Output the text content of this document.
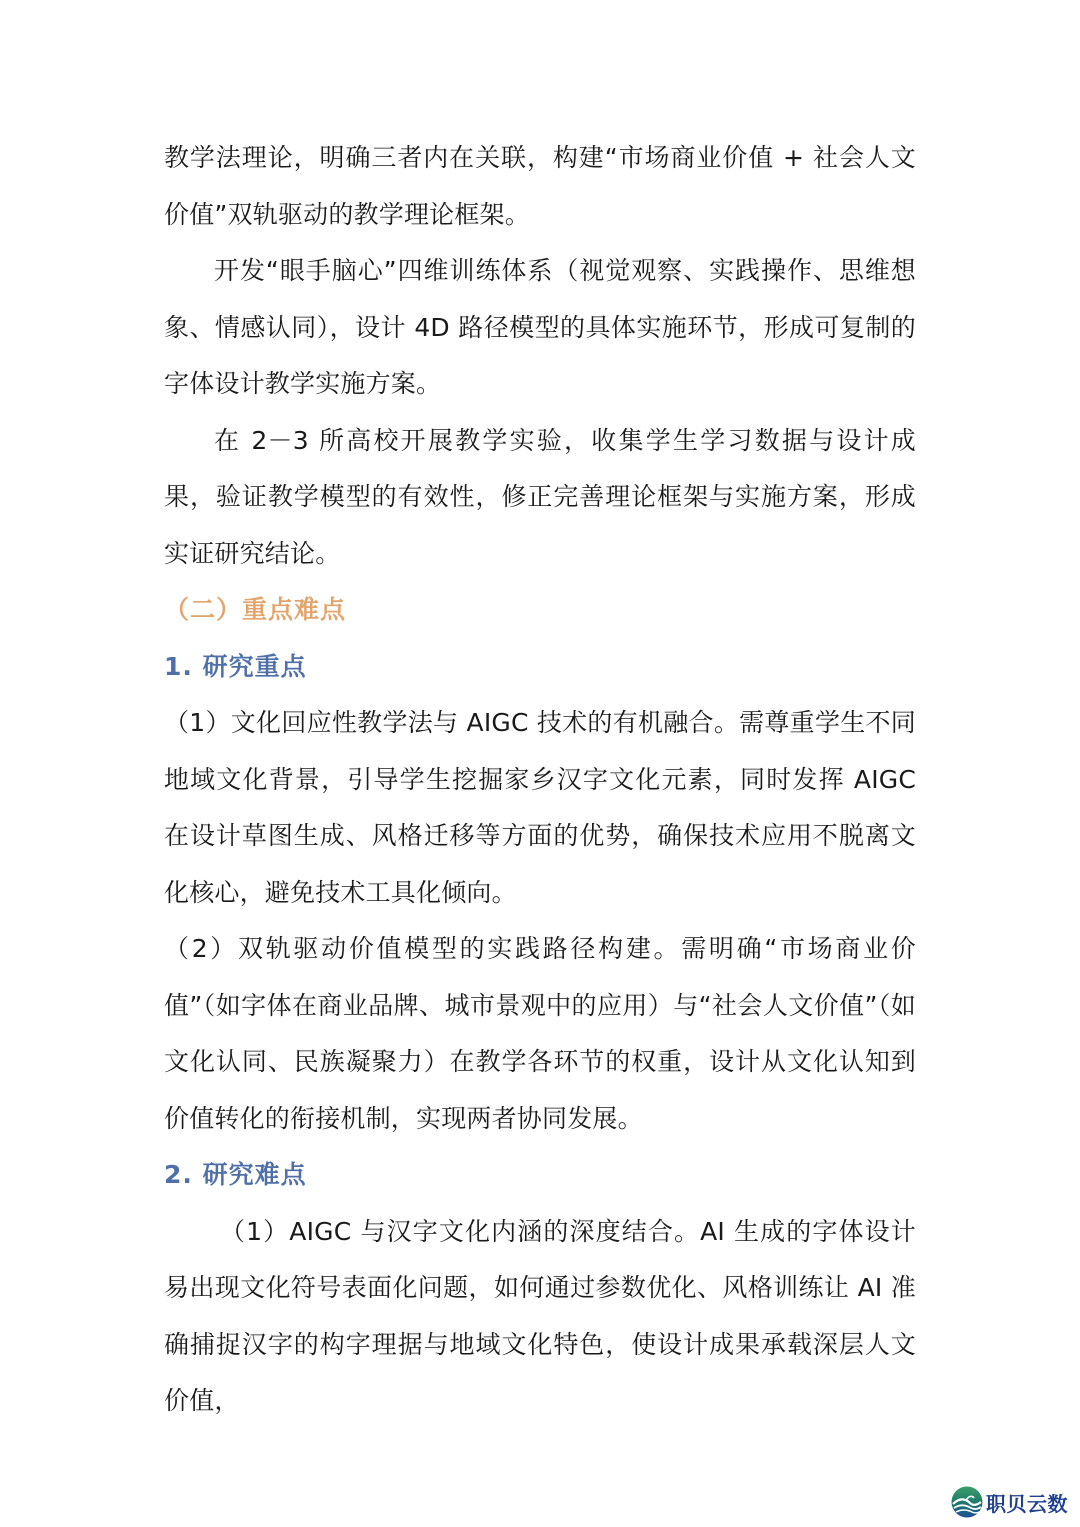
教学法理论，明确三者内在关联，构建“市场商业价值 + 社会人文价值”双轨驱动的教学理论框架。

开发“眼手脑心”四维训练体系（视觉观察、实践操作、思维想象、情感认同），设计 4D 路径模型的具体实施环节，形成可复制的字体设计教学实施方案。

在 2－3 所高校开展教学实验，收集学生学习数据与设计成果，验证教学模型的有效性，修正完善理论框架与实施方案，形成实证研究结论。

（二）重点难点
1. 研究重点

（1）文化回应性教学法与 AIGC 技术的有机融合。需尊重学生不同地域文化背景，引导学生挖掘家乡汉字文化元素，同时发挥 AIGC 在设计草图生成、风格迁移等方面的优势，确保技术应用不脱离文化核心，避免技术工具化倾向。

（2）双轨驱动价值模型的实践路径构建。需明确“市场商业价值”（如字体在商业品牌、城市景观中的应用）与“社会人文价值”（如文化认同、民族凝聚力）在教学各环节的权重，设计从文化认知到价值转化的衔接机制，实现两者协同发展。

2. 研究难点

（1）AIGC 与汉字文化内涵的深度结合。AI 生成的字体设计易出现文化符号表面化问题，如何通过参数优化、风格训练让 AI 准确捕捉汉字的构字理据与地域文化特色，使设计成果承载深层人文价值，

职贝云数
